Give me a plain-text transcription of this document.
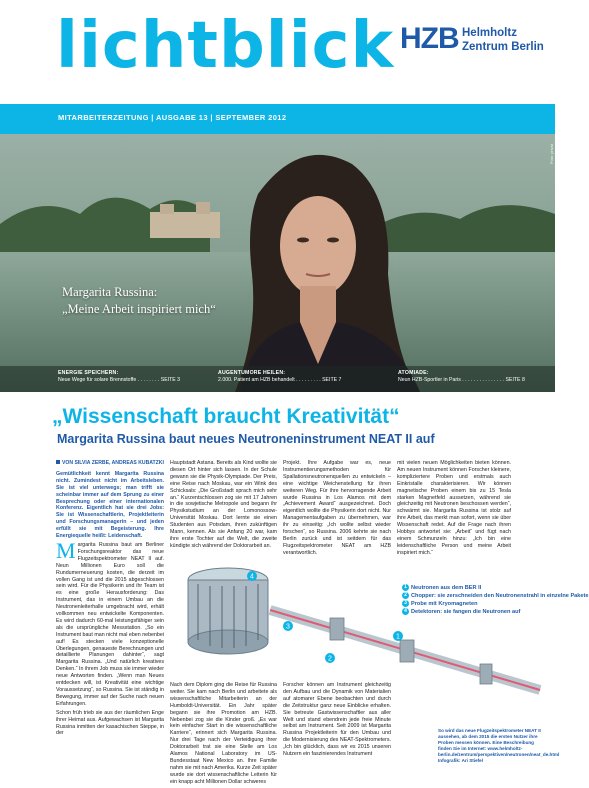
lichtblick HZB Helmholtz
Zentrum Berlin
MITARBEITERZEITUNG | AUSGABE 13 | SEPTEMBER 2012
Foto: privat
Margarita Russina:
„Meine Arbeit inspiriert mich“
ENERGIE SPEICHERN:
Neue Wege für solare Brennstoffe . . . . . . . . SEITE 3
AUGENTUMORE HEILEN:
2.000. Patient am HZB behandelt . . . . . . . . . SEITE 7
ATOMIADE:
Neun HZB-Sportler in Paris . . . . . . . . . . . . . . . SEITE 8
„Wissenschaft braucht Kreativität“
Margarita Russina baut neues Neutroneninstrument NEAT II auf
VON SILVIA ZERBE, ANDREAS KUBATZKI

Gemütlichkeit kennt Margarita Russina nicht. Zumindest nicht im Arbeitsleben. Sie ist viel unterwegs; man trifft sie scheinbar immer auf dem Sprung zu einer Besprechung oder einer internationalen Konferenz. Eigentlich hat sie drei Jobs: Sie ist Wissenschaftlerin, Projektleiterin und Forschungsmanagerin – und jeden erfüllt sie mit Begeisterung. Ihre Energiequelle heißt: Leidenschaft.

Margarita Russina baut am Berliner Forschungsreaktor das neue Flugzeitspektrometer NEAT II auf. Neun Millionen Euro soll die Rundumerneuerung kosten, die derzeit im vollen Gang ist und die 2015 abgeschlossen sein wird. Für die Physikerin und ihr Team ist es eine große Herausforderung: Das Instrument, das in einem Umbau an die Neutronenleiterhalle umgebracht wird, erhält vollkommen neu entwickelte Komponenten. Es wird dadurch 60-mal leistungsfähiger sein als die ursprüngliche Messstation. „So ein Instrument baut man nicht mal eben nebenbei auf! Es stecken viele konzeptionelle Überlegungen, genaueste Berechnungen und detaillierte Planungen dahinter“, sagt Margarita Russina. „Und natürlich kreatives Denken.“ In ihrem Job muss sie immer wieder neue Antworten finden. „Wenn man Neues entdecken will, ist Kreativität eine wichtige Voraussetzung“, so Russina. Sie ist ständig in Bewegung, immer auf der Suche nach neuen Erfahrungen.

Schon früh trieb sie aus der räumlichen Enge ihrer Heimat aus. Aufgewachsen ist Margarita Russina inmitten der kasachischen Steppe, in der

Hauptstadt Astana. Bereits als Kind wollte sie diesen Ort hinter sich lassen. In der Schule gewann sie die Physik-Olympiade. Der Preis, eine Reise nach Moskau, war ein Wink des Schicksals: „Die Großstadt sprach mich sehr an.“ Kurzentschlossen zog sie mit 17 Jahren in die sowjetische Metropole und begann ihr Physikstudium an der Lomonossow-Universität Moskau. Dort lernte sie einen Studenten aus Potsdam, ihren zukünftigen Mann, kennen. Als sie Anfang 20 war, kam ihre erste Tochter auf die Welt, die zweite kündigte sich während der Doktorarbeit an.

Nach dem Diplom ging die Reise für Russina weiter. Sie kam nach Berlin und arbeitete als wissenschaftliche Mitarbeiterin an der Humboldt-Universität. Ein Jahr später begann sie ihre Promotion am HZB. Nebenbei zog sie die Kinder groß. „Es war kein einfacher Start in die wissenschaftliche Karriere“, erinnert sich Margarita Russina. Nur drei Tage nach der Verteidigung ihrer Doktorarbeit trat sie eine Stelle am Los Alamos National Laboratory im US-Bundesstaat New Mexico an. Ihre Familie nahm sie mit nach Amerika. Kurze Zeit später wurde sie dort wissenschaftliche Leiterin für ein knapp acht Millionen Dollar schweres

Projekt. Ihre Aufgabe war es, neue Instrumentierungsmethoden für Spallationsneutronenquellen zu entwickeln – eine wichtige Weichenstellung für ihren weiteren Weg. Für ihre hervorragende Arbeit wurde Russina in Los Alamos mit dem „Achievement Award“ ausgezeichnet. Doch eigentlich wollte die Physikerin dort nicht. Nur Managementaufgaben zu übernehmen, war ihr zu einseitig: „Ich wollte selbst wieder forschen“, so Russina. 2006 kehrte sie nach Berlin zurück und ist seitdem für das Flugzeitspektrometer NEAT am HZB verantwortlich.

Forscher können am Instrument gleichzeitig den Aufbau und die Dynamik von Materialien auf atomarer Ebene beobachten und durch die Zeitstruktur ganz neue Einblicke erhalten. Sie betreute Gastwissenschaftler aus aller Welt und stand ebendrein jede freie Minute selbst am Instrument. Seit 2009 ist Margarita Russina Projektleiterin für den Umbau und die Modernisierung des NEAT-Spektrometers. „Ich bin glücklich, dass wir es 2015 unseren Nutzern ein faszinierendes Instrument

mit vielen neuen Möglichkeiten bieten können. Am neuen Instrument können Forscher kleinere, kompliziertere Proben und erstmals auch Einkristalle charakterisieren. Wir können magnetische Proben einem bis zu 15 Tesla starken Magnetfeld aussetzen, während sie gleichzeitig mit Neutronen beschossen werden“, schwärmt sie. Margarita Russina ist stolz auf ihre Arbeit, das merkt man sofort, wenn sie über Wissenschaft redet. Auf die Frage nach ihren Hobbys antwortet sie: „Arbeit“ und fügt nach einem Schmunzeln hinzu: „Ich bin eine leidenschaftliche Person und meine Arbeit inspiriert mich.“

4
3
2
1
1 Neutronen aus dem BER II
2 Chopper: sie zerschneiden den Neutronenstrahl in einzelne Pakete
3 Probe mit Kryomagneten
4 Detektoren: sie fangen die Neutronen auf
So wird das neue Flugzeitspektrometer NEAT II aussehen, ab dem 2015 die ersten Nutzer ihre Proben messen können. Eine Beschreibung finden Sie im Internet: www.helmholtz-berlin.de/zentrum/perspektiven/neutronen/neat_de.html Infografik: Ari Stiefel
